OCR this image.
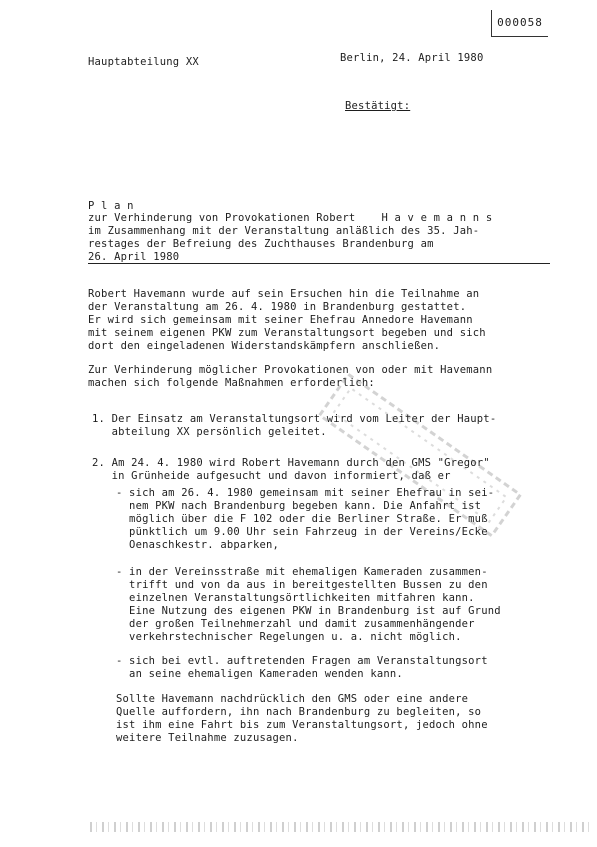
000058
Hauptabteilung XX	Berlin, 24. April 1980
Bestätigt:
P l a n
zur Verhinderung von Provokationen Robert    H a v e m a n n s
im Zusammenhang mit der Veranstaltung anläßlich des 35. Jah-
restages der Befreiung des Zuchthauses Brandenburg am
26. April 1980
Robert Havemann wurde auf sein Ersuchen hin die Teilnahme an
der Veranstaltung am 26. 4. 1980 in Brandenburg gestattet.
Er wird sich gemeinsam mit seiner Ehefrau Annedore Havemann
mit seinem eigenen PKW zum Veranstaltungsort begeben und sich
dort den eingeladenen Widerstandskämpfern anschließen.
Zur Verhinderung möglicher Provokationen von oder mit Havemann
machen sich folgende Maßnahmen erforderlich:
1. Der Einsatz am Veranstaltungsort wird vom Leiter der Haupt-
abteilung XX persönlich geleitet.
2. Am 24. 4. 1980 wird Robert Havemann durch den GMS "Gregor"
in Grünheide aufgesucht und davon informiert, daß er
- sich am 26. 4. 1980 gemeinsam mit seiner Ehefrau in sei-
nem PKW nach Brandenburg begeben kann. Die Anfahrt ist
möglich über die F 102 oder die Berliner Straße. Er muß
pünktlich um 9.00 Uhr sein Fahrzeug in der Vereins/Ecke
Oenaschkestr. abparken,
- in der Vereinsstraße mit ehemaligen Kameraden zusammen-
trifft und von da aus in bereitgestellten Bussen zu den
einzelnen Veranstaltungsörtlichkeiten mitfahren kann.
Eine Nutzung des eigenen PKW in Brandenburg ist auf Grund
der großen Teilnehmerzahl und damit zusammenhängender
verkehrstechnischer Regelungen u. a. nicht möglich.
- sich bei evtl. auftretenden Fragen am Veranstaltungsort
an seine ehemaligen Kameraden wenden kann.
Sollte Havemann nachdrücklich den GMS oder eine andere
Quelle auffordern, ihn nach Brandenburg zu begleiten, so
ist ihm eine Fahrt bis zum Veranstaltungsort, jedoch ohne
weitere Teilnahme zuzusagen.
